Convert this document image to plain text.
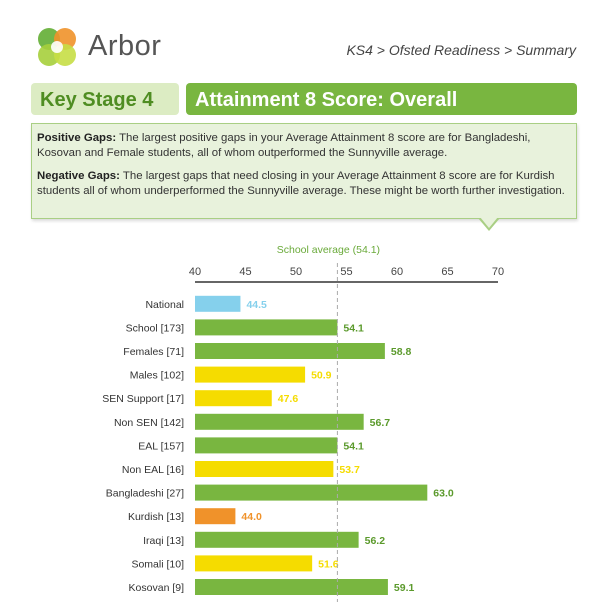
Arbor	KS4 > Ofsted Readiness > Summary
Key Stage 4	Attainment 8 Score: Overall

Positive Gaps: The largest positive gaps in your Average Attainment 8 score are for Bangladeshi, Kosovan and Female students, all of whom outperformed the Sunnyville average.

Negative Gaps: The largest gaps that need closing in your Average Attainment 8 score are for Kurdish students all of whom underperformed the Sunnyville average. These might be worth further investigation.

School average (54.1)
40	45	50	55	60	65	70
National	44.5
School [173]	54.1
Females [71]	58.8
Males [102]	50.9
SEN Support [17]	47.6
Non SEN [142]	56.7
EAL [157]	54.1
Non EAL [16]	53.7
Bangladeshi [27]	63.0
Kurdish [13]	44.0
Iraqi [13]	56.2
Somali [10]	51.6
Kosovan [9]	59.1
